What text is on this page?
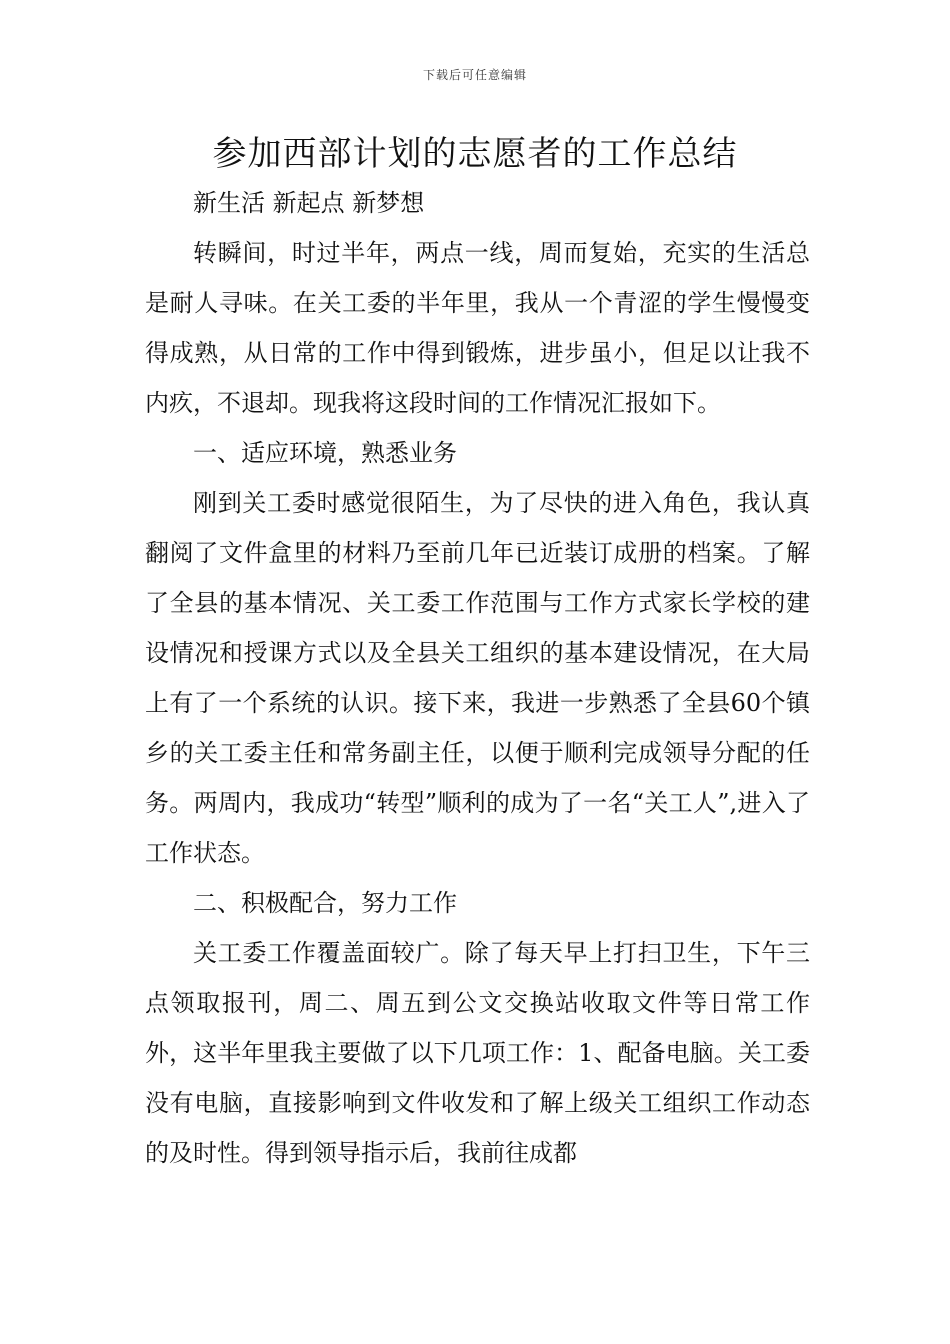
下载后可任意编辑
参加西部计划的志愿者的工作总结

新生活 新起点 新梦想

转瞬间，时过半年，两点一线，周而复始，充实的生活总是耐人寻味。在关工委的半年里，我从一个青涩的学生慢慢变得成熟，从日常的工作中得到锻炼，进步虽小，但足以让我不内疚，不退却。现我将这段时间的工作情况汇报如下。

一、适应环境，熟悉业务

刚到关工委时感觉很陌生，为了尽快的进入角色，我认真翻阅了文件盒里的材料乃至前几年已近装订成册的档案。了解了全县的基本情况、关工委工作范围与工作方式家长学校的建设情况和授课方式以及全县关工组织的基本建设情况，在大局上有了一个系统的认识。接下来，我进一步熟悉了全县60个镇乡的关工委主任和常务副主任，以便于顺利完成领导分配的任务。两周内，我成功“转型”顺利的成为了一名“关工人”,进入了工作状态。

二、积极配合，努力工作

关工委工作覆盖面较广。除了每天早上打扫卫生，下午三点领取报刊，周二、周五到公文交换站收取文件等日常工作外，这半年里我主要做了以下几项工作：1、配备电脑。关工委没有电脑，直接影响到文件收发和了解上级关工组织工作动态的及时性。得到领导指示后，我前往成都
